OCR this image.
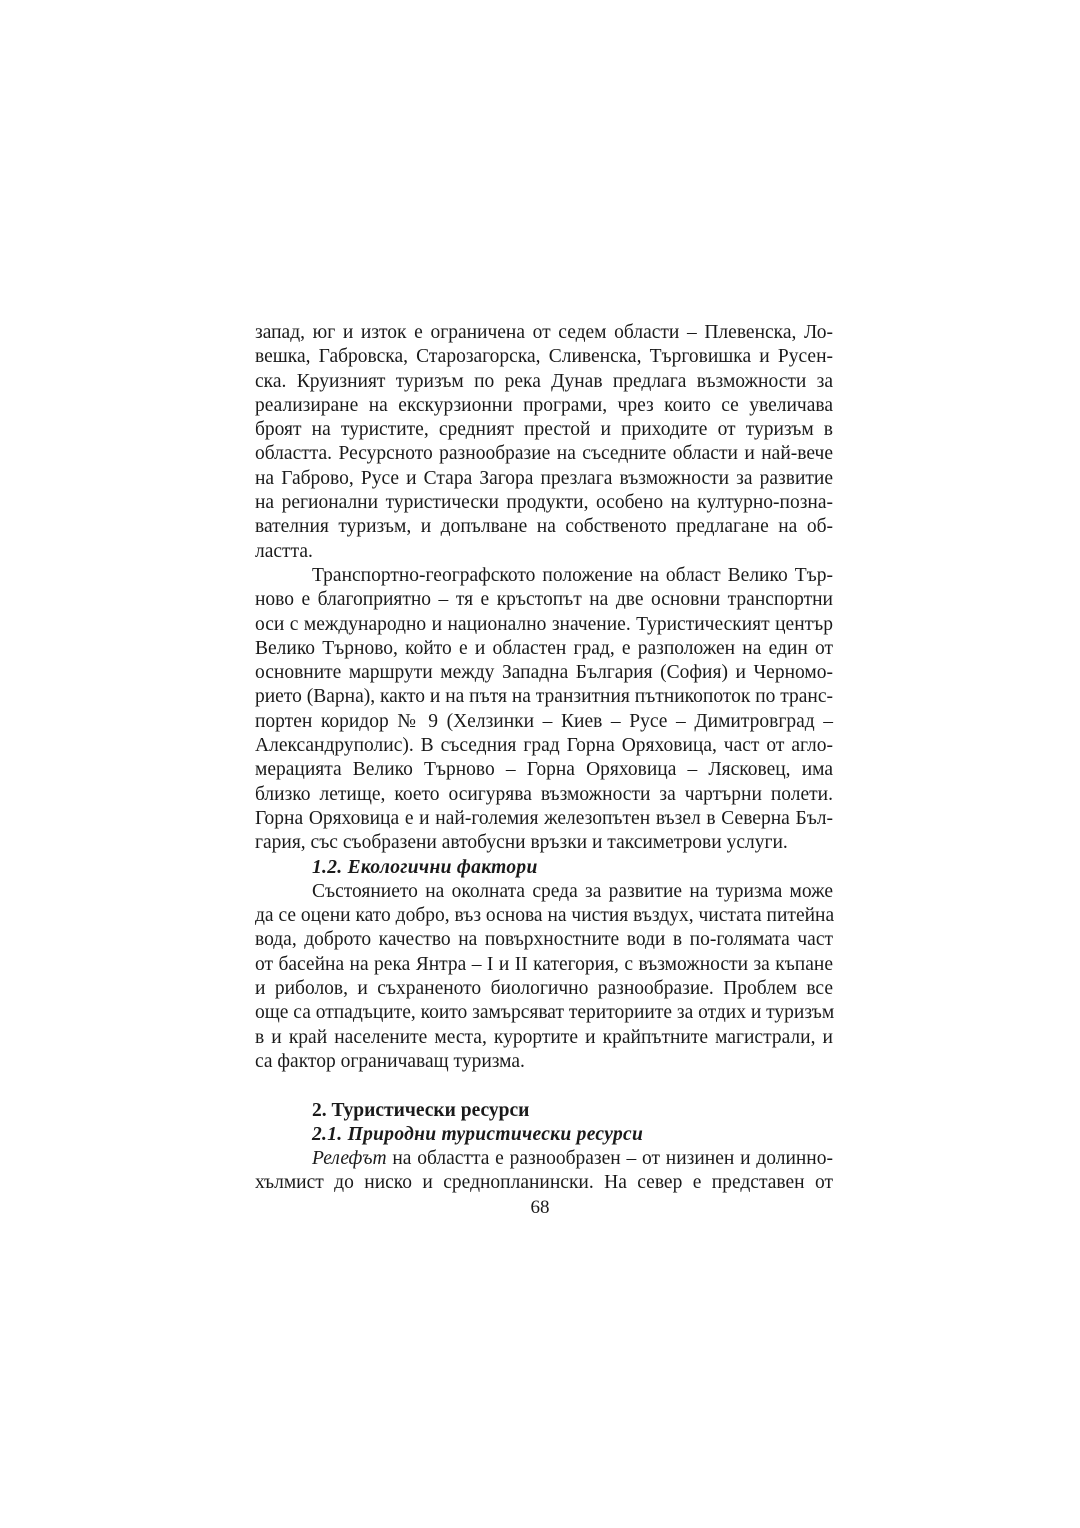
запад, юг и изток е ограничена от седем области – Плевенска, Ло-
вешка, Габровска, Старозагорска, Сливенска, Търговишка и Русен-
ска. Круизният туризъм по река Дунав предлага възможности за
реализиране на екскурзионни програми, чрез които се увеличава
броят на туристите, средният престой и приходите от туризъм в
областта. Ресурсното разнообразие на съседните области и най-вече
на Габрово, Русе и Стара Загора презлага възможности за развитие
на регионални туристически продукти, особено на културно-позна-
вателния туризъм, и допълване на собственото предлагане на об-
ластта.
Транспортно-географското положение на област Велико Тър-
ново е благоприятно – тя е кръстопът на две основни транспортни
оси с международно и национално значение. Туристическият център
Велико Търново, който е и областен град, е разположен на един от
основните маршрути между Западна България (София) и Черномо-
рието (Варна), както и на пътя на транзитния пътникопоток по транс-
портен коридор № 9 (Хелзинки – Киев – Русе – Димитровград –
Александруполис). В съседния град Горна Оряховица, част от агло-
мерацията Велико Търново – Горна Оряховица – Лясковец, има
близко летище, което осигурява възможности за чартърни полети.
Горна Оряховица е и най-големия железопътен възел в Северна Бъл-
гария, със съобразени автобусни връзки и таксиметрови услуги.
1.2. Екологични фактори
Състоянието на околната среда за развитие на туризма може
да се оцени като добро, въз основа на чистия въздух, чистата питейна
вода, доброто качество на повърхностните води в по-голямата част
от басейна на река Янтра – I и II категория, с възможности за къпане
и риболов, и съхраненото биологично разнообразие. Проблем все
още са отпадъците, които замърсяват териториите за отдих и туризъм
в и край населените места, курортите и крайпътните магистрали, и
са фактор ограничаващ туризма.
2. Туристически ресурси
2.1. Природни туристически ресурси
Релефът на областта е разнообразен – от низинен и долинно-
хълмист до ниско и среднопланински. На север е представен от
68
